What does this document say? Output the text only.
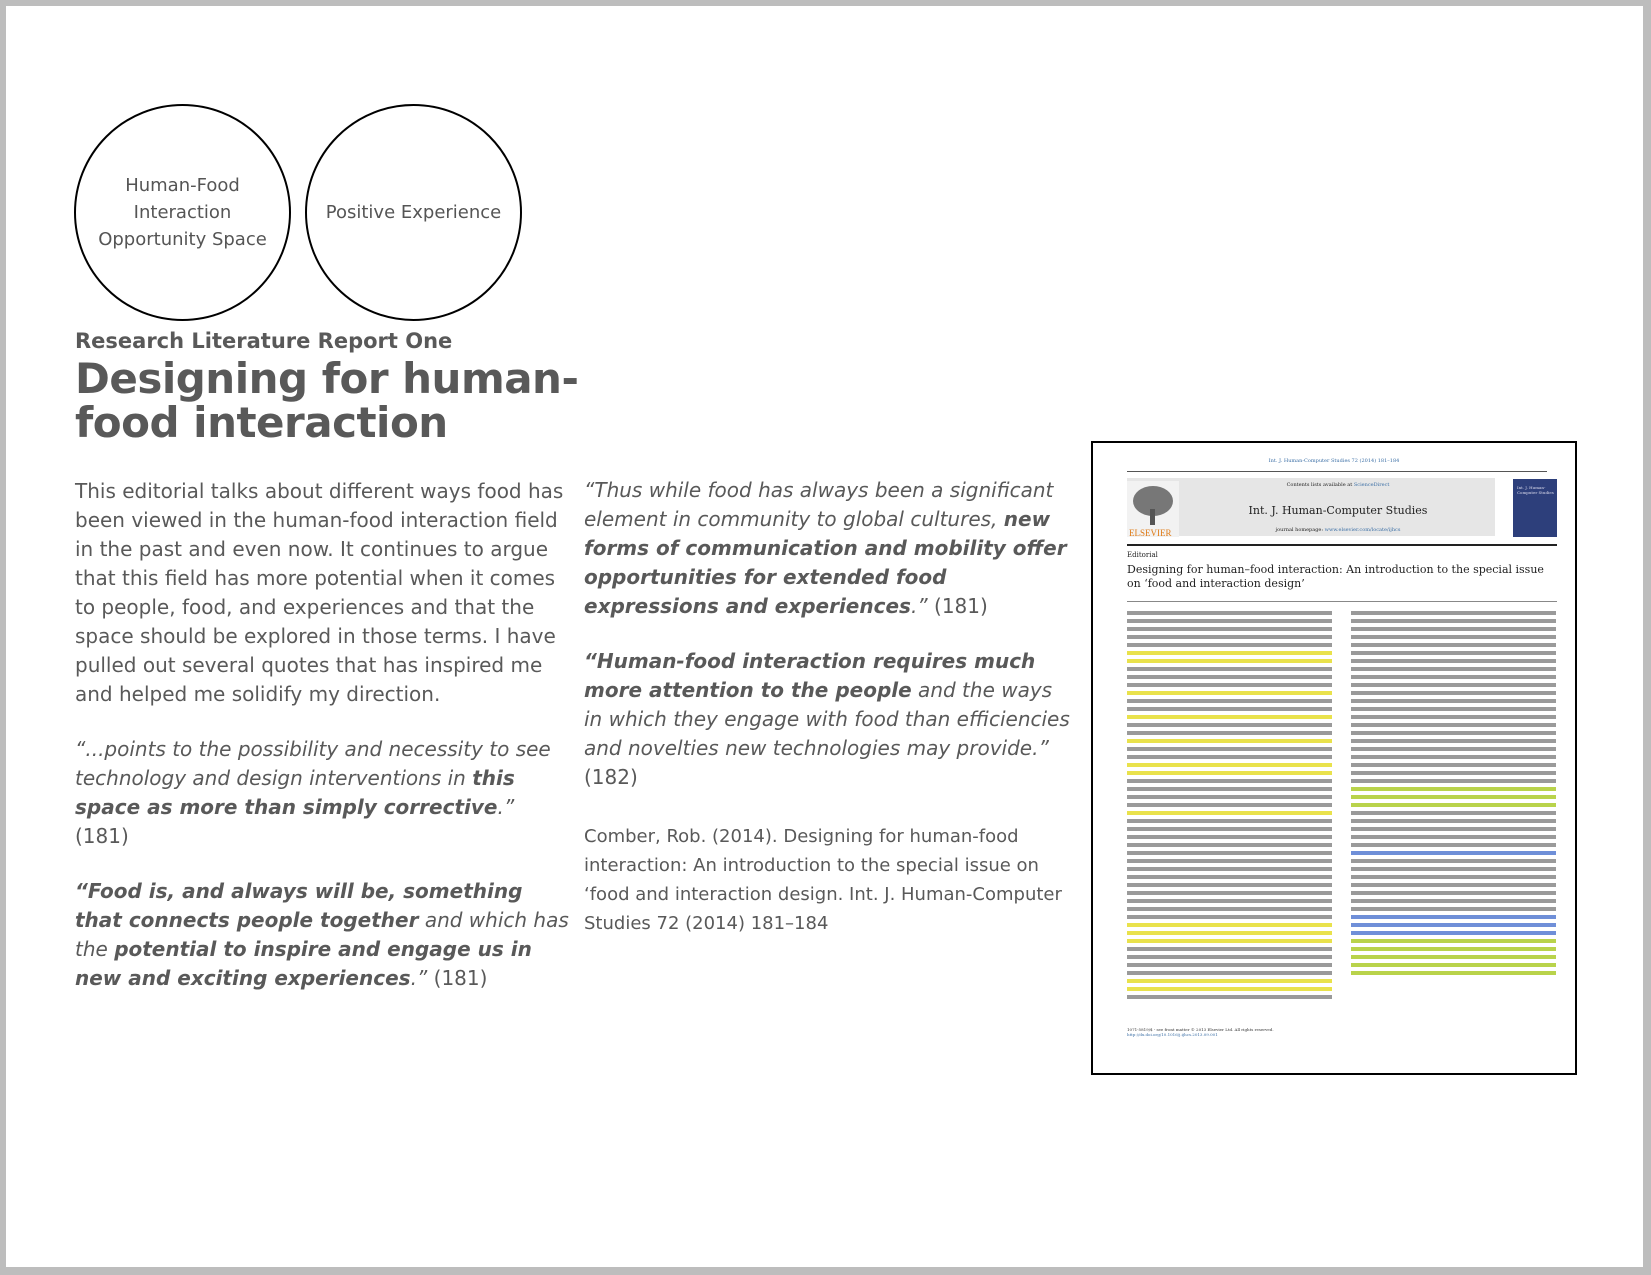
Human-Food Interaction Opportunity Space
Positive Experience
Research Literature Report One
Designing for human-food interaction

This editorial talks about different ways food has been viewed in the human-food interaction field in the past and even now. It continues to argue that this field has more potential when it comes to people, food, and experiences and that the space should be explored in those terms. I have pulled out several quotes that has inspired me and helped me solidify my direction.

“...points to the possibility and necessity to see technology and design interventions in this space as more than simply corrective.” (181)

“Food is, and always will be, something that connects people together and which has the potential to inspire and engage us in new and exciting experiences.” (181)

“Thus while food has always been a significant element in community to global cultures, new forms of communication and mobility offer opportunities for extended food expressions and experiences.” (181)

“Human-food interaction requires much more attention to the people and the ways in which they engage with food than efficiencies and novelties new technologies may provide.” (182)

Comber, Rob. (2014). Designing for human-food interaction: An introduction to the special issue on ‘food and interaction design. Int. J. Human-Computer Studies 72 (2014) 181–184

Int. J. Human-Computer Studies 72 (2014) 181–184
ELSEVIER
Contents lists available at ScienceDirect
Int. J. Human-Computer Studies
journal homepage: www.elsevier.com/locate/ijhcs
Int. J. Human-Computer Studies
Editorial
Designing for human–food interaction: An introduction to the special issue on ‘food and interaction design’
1071-5819/$ - see front matter © 2013 Elsevier Ltd. All rights reserved.
http://dx.doi.org/10.1016/j.ijhcs.2013.09.001
